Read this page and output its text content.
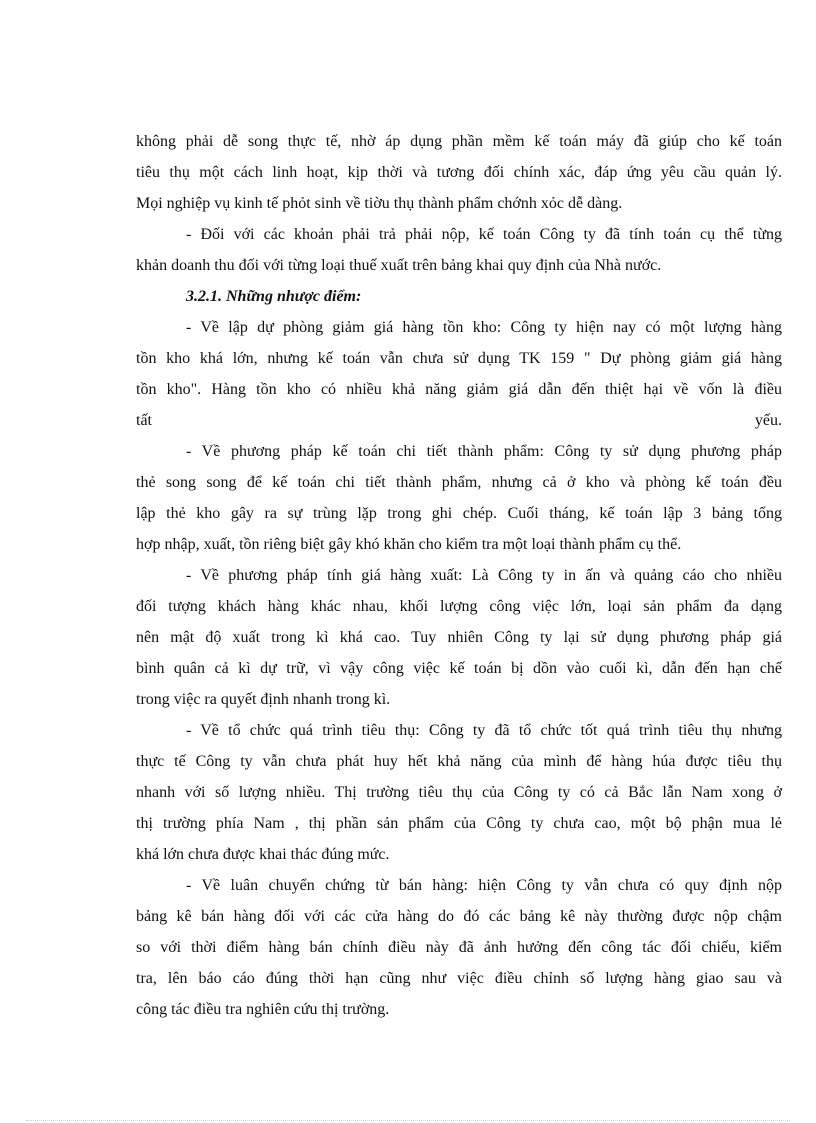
không phải dễ song thực tế, nhờ áp dụng phần mềm kế toán máy đã giúp cho kế toán
tiêu thụ một cách linh hoạt, kịp thời và tương đối chính xác, đáp ứng yêu cầu quản lý.
Mọi nghiệp vụ kinh tế phỏt sinh về tiờu thụ thành phẩm chớnh xỏc dễ dàng.
- Đối với các khoản phải trả phải nộp, kế toán Công ty đã tính toán cụ thể từng
khản doanh thu đối với từng loại thuế xuất trên bảng khai quy định của Nhà nước.
3.2.1. Những nhược điểm:
- Về lập dự phòng giảm giá hàng tồn kho: Công ty hiện nay có một lượng hàng
tồn kho khá lớn, nhưng kế toán vẫn chưa sử dụng TK 159 " Dự phòng giảm giá hàng
tồn kho". Hàng tồn kho có nhiều khả năng giảm giá dẫn đến thiệt hại về vốn là điều
tất yếu.
- Về phương pháp kế toán chi tiết thành phẩm: Công ty sử dụng phương pháp
thẻ song song để kế toán chi tiết thành phẩm, nhưng cả ở kho và phòng kế toán đều
lập thẻ kho gây ra sự trùng lặp trong ghi chép. Cuối tháng, kế toán lập 3 bảng tổng
hợp nhập, xuất, tồn riêng biệt gây khó khăn cho kiểm tra một loại thành phẩm cụ thể.
- Về phương pháp tính giá hàng xuất: Là Công ty in ấn và quảng cáo cho nhiều
đối tượng khách hàng khác nhau, khối lượng công việc lớn, loại sản phẩm đa dạng
nên mật độ xuất trong kì khá cao. Tuy nhiên Công ty lại sử dụng phương pháp giá
bình quân cả kì dự trữ, vì vậy công việc kế toán bị dồn vào cuối kì, dẫn đến hạn chế
trong việc ra quyết định nhanh trong kì.
- Về tổ chức quá trình tiêu thụ: Công ty đã tổ chức tốt quá trình tiêu thụ nhưng
thực tế Công ty vẫn chưa phát huy hết khả năng của mình để hàng húa được tiêu thụ
nhanh với số lượng nhiều. Thị trường tiêu thụ của Công ty có cả Bắc lẫn Nam xong ở
thị trường phía Nam , thị phần sản phẩm của Công ty chưa cao, một bộ phận mua lẻ
khá lớn chưa được khai thác đúng mức.
- Về luân chuyển chứng từ bán hàng: hiện Công ty vẫn chưa có quy định nộp
bảng kê bán hàng đối với các cửa hàng do đó các bảng kê này thường được nộp chậm
so với thời điểm hàng bán chính điều này đã ảnh hưởng đến công tác đối chiếu, kiểm
tra, lên báo cáo đúng thời hạn cũng như việc điều chỉnh số lượng hàng giao sau và
công tác điều tra nghiên cứu thị trường.
